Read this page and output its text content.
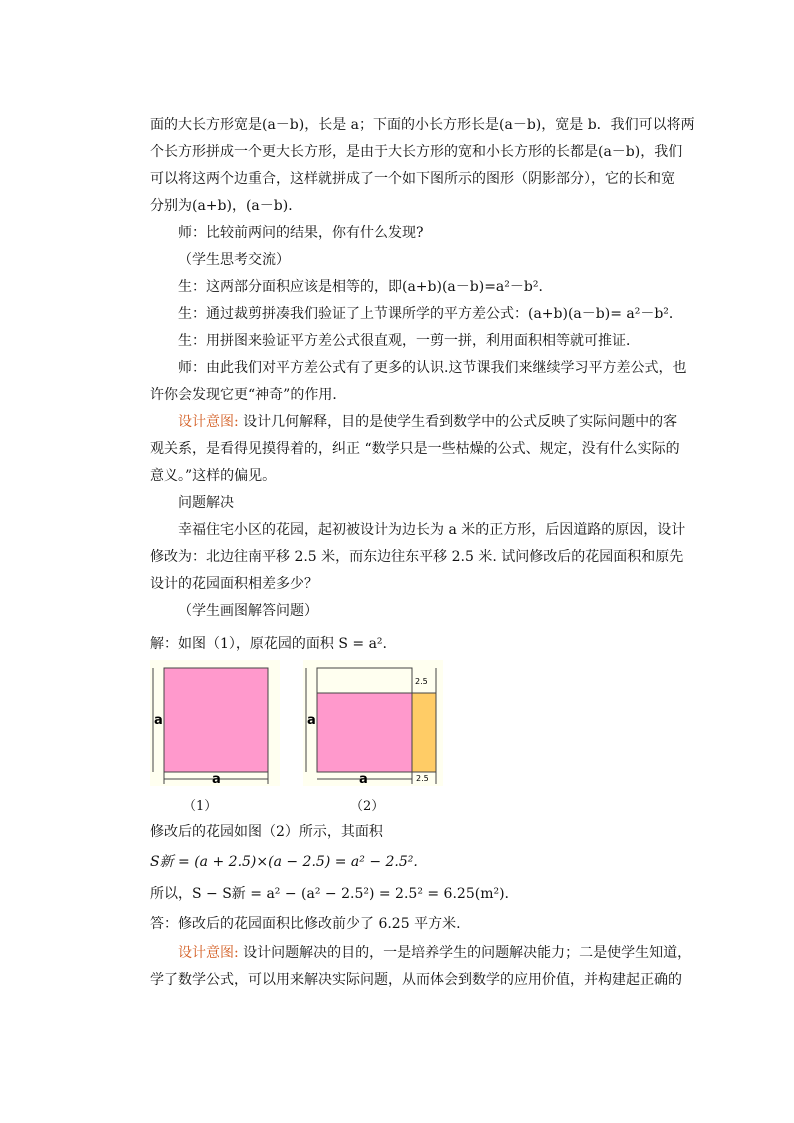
面的大长方形宽是(a－b)，长是 a；下面的小长方形长是(a－b)，宽是 b．我们可以将两
个长方形拼成一个更大长方形，是由于大长方形的宽和小长方形的长都是(a－b)，我们
可以将这两个边重合，这样就拼成了一个如下图所示的图形（阴影部分），它的长和宽
分别为(a+b)，(a－b)．
师：比较前两问的结果，你有什么发现?
（学生思考交流）
生：这两部分面积应该是相等的，即(a+b)(a－b)=a²－b²．
生：通过裁剪拼凑我们验证了上节课所学的平方差公式：(a+b)(a－b)= a²－b²．
生：用拼图来验证平方差公式很直观，一剪一拼，利用面积相等就可推证．
师：由此我们对平方差公式有了更多的认识.这节课我们来继续学习平方差公式，也
许你会发现它更“神奇”的作用．
设计意图: 设计几何解释，目的是使学生看到数学中的公式反映了实际问题中的客
观关系，是看得见摸得着的，纠正 “数学只是一些枯燥的公式、规定，没有什么实际的
意义。”这样的偏见。
问题解决
幸福住宅小区的花园，起初被设计为边长为 a 米的正方形，后因道路的原因，设计
修改为：北边往南平移 2.5 米，而东边往东平移 2.5 米. 试问修改后的花园面积和原先
设计的花园面积相差多少？
（学生画图解答问题）
解：如图（1），原花园的面积 S = a².
a
a
a
a
2.5
2.5
（1）	（2）
修改后的花园如图（2）所示，其面积
S新 = (a + 2.5)×(a − 2.5) = a² − 2.5².
所以，S − S新 = a² − (a² − 2.5²) = 2.5² = 6.25(m²).
答：修改后的花园面积比修改前少了 6.25 平方米.
设计意图: 设计问题解决的目的，一是培养学生的问题解决能力；二是使学生知道，
学了数学公式，可以用来解决实际问题，从而体会到数学的应用价值，并构建起正确的
